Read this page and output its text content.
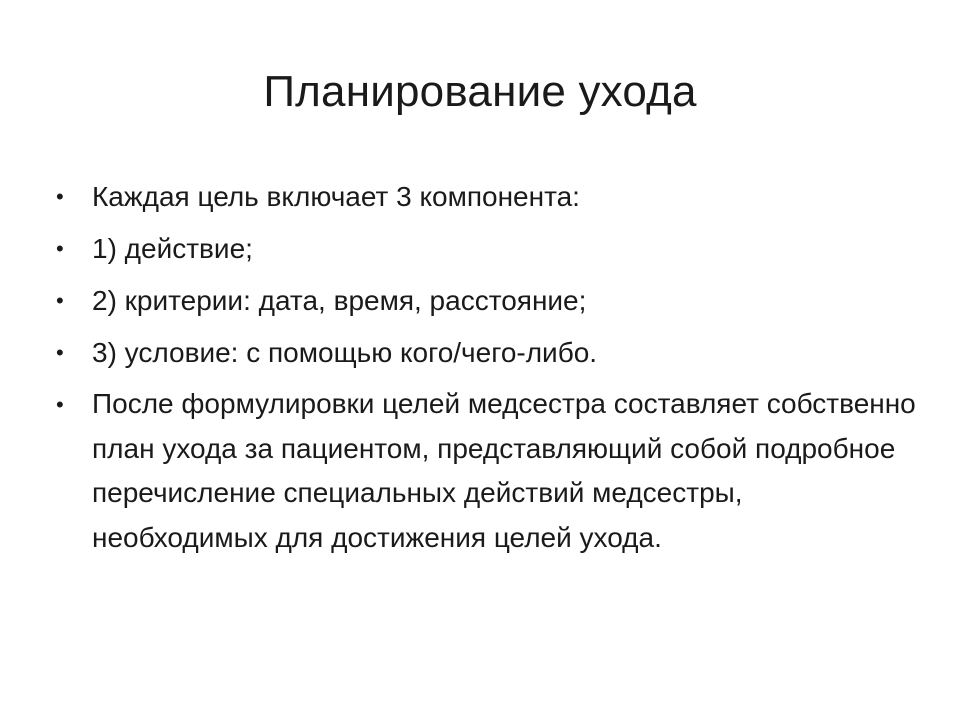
Планирование ухода
•	Каждая цель включает 3 компонента:
•	1) действие;
•	2) критерии: дата, время, расстояние;
•	3) условие: с помощью кого/чего-либо.
•	После формулировки целей медсестра составляет собственно план ухода за пациентом, представляющий собой подробное перечисление специальных действий медсестры, необходимых для достижения целей ухода.
